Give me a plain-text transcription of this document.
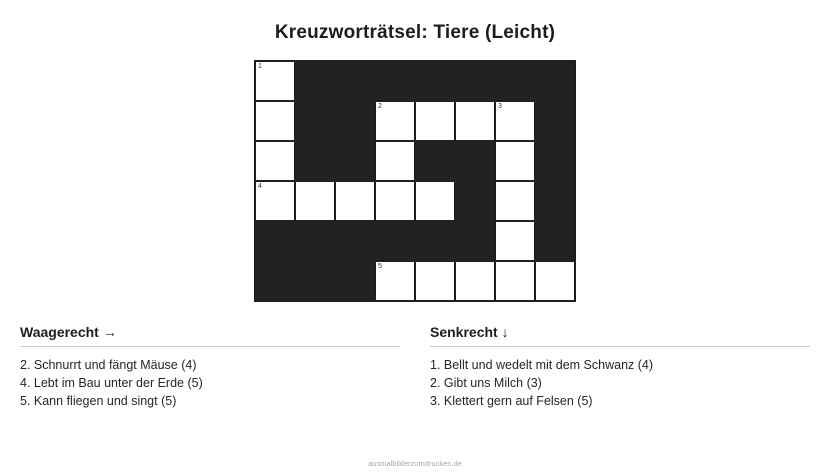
Kreuzworträtsel: Tiere (Leicht)
1
2	3
4
5
Waagerecht →
2. Schnurrt und fängt Mäuse (4)
4. Lebt im Bau unter der Erde (5)
5. Kann fliegen und singt (5)
Senkrecht ↓
1. Bellt und wedelt mit dem Schwanz (4)
2. Gibt uns Milch (3)
3. Klettert gern auf Felsen (5)
ausmalbilderzumdrucken.de
